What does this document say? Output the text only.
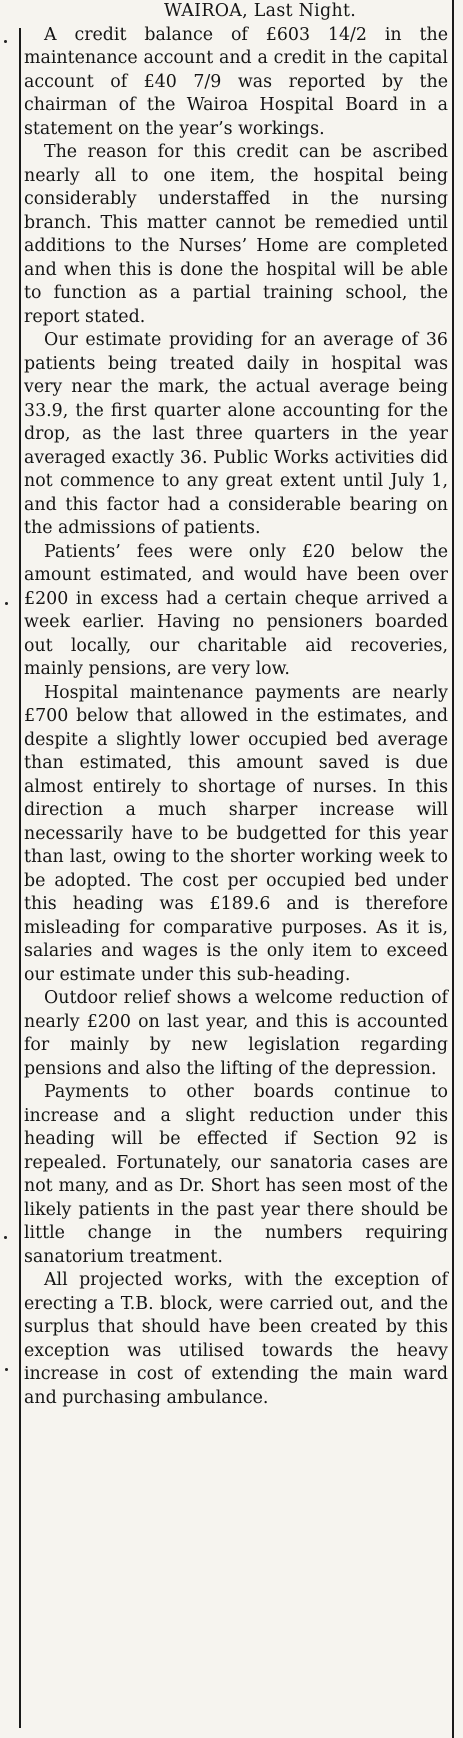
WAIROA, Last Night.

A credit balance of £603 14/2 in the maintenance account and a credit in the capital account of £40 7/9 was reported by the chairman of the Wairoa Hospital Board in a statement on the year’s workings.

The reason for this credit can be ascribed nearly all to one item, the hospital being considerably understaffed in the nursing branch. This matter cannot be remedied until additions to the Nurses’ Home are completed and when this is done the hospital will be able to function as a partial training school, the report stated.

Our estimate providing for an average of 36 patients being treated daily in hospital was very near the mark, the actual average being 33.9, the first quarter alone accounting for the drop, as the last three quarters in the year averaged exactly 36. Public Works activities did not commence to any great extent until July 1, and this factor had a considerable bearing on the admissions of patients.

Patients’ fees were only £20 below the amount estimated, and would have been over £200 in excess had a certain cheque arrived a week earlier. Having no pensioners boarded out locally, our charitable aid recoveries, mainly pensions, are very low.

Hospital maintenance payments are nearly £700 below that allowed in the estimates, and despite a slightly lower occupied bed average than estimated, this amount saved is due almost entirely to shortage of nurses. In this direction a much sharper increase will necessarily have to be budgetted for this year than last, owing to the shorter working week to be adopted. The cost per occupied bed under this heading was £189.6 and is therefore misleading for comparative purposes. As it is, salaries and wages is the only item to exceed our estimate under this sub-heading.

Outdoor relief shows a welcome reduction of nearly £200 on last year, and this is accounted for mainly by new legislation regarding pensions and also the lifting of the depression.

Payments to other boards continue to increase and a slight reduction under this heading will be effected if Section 92 is repealed. Fortunately, our sanatoria cases are not many, and as Dr. Short has seen most of the likely patients in the past year there should be little change in the numbers requiring sanatorium treatment.

All projected works, with the exception of erecting a T.B. block, were carried out, and the surplus that should have been created by this exception was utilised towards the heavy increase in cost of extending the main ward and purchasing ambulance.
